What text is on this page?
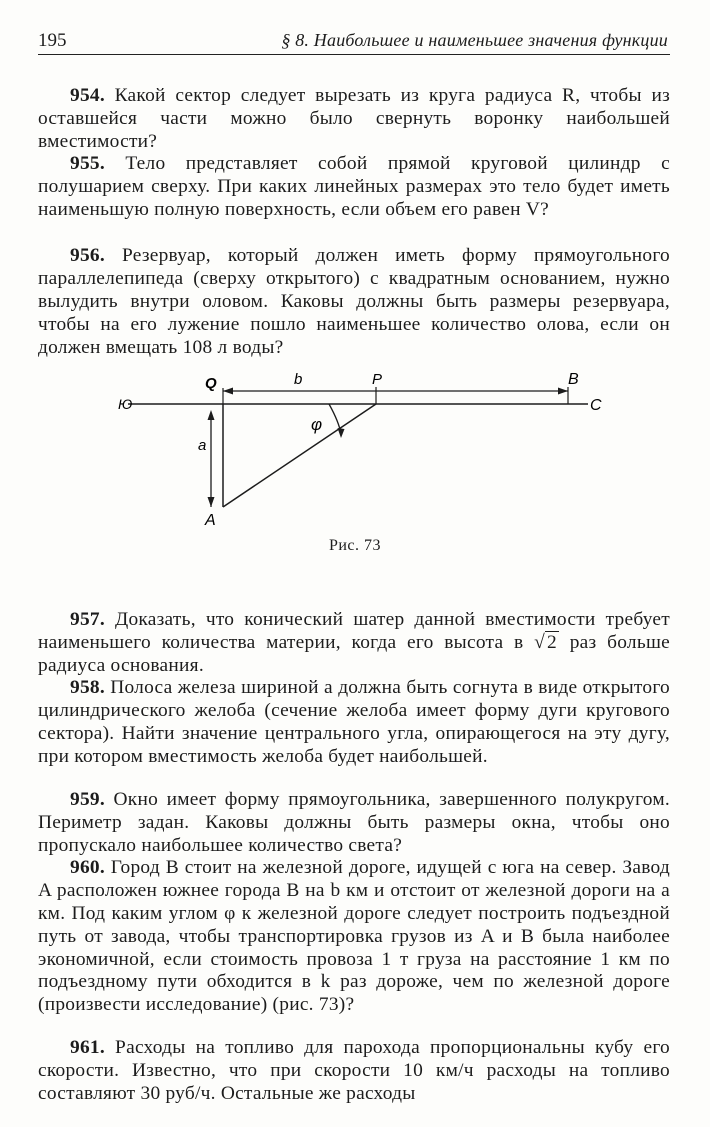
195	§ 8. Наибольшее и наименьшее значения функции

954. Какой сектор следует вырезать из круга радиуса R, чтобы из оставшейся части можно было свернуть воронку наибольшей вместимости?

955. Тело представляет собой прямой круговой цилиндр с полушарием сверху. При каких линейных размерах это тело будет иметь наименьшую полную поверхность, если объем его равен V?

956. Резервуар, который должен иметь форму прямоугольного параллелепипеда (сверху открытого) с квадратным основанием, нужно вылудить внутри оловом. Каковы должны быть размеры резервуара, чтобы на его лужение пошло наименьшее количество олова, если он должен вмещать 108 л воды?

Ю	С
Q	P	B
b
a
A
φ
Рис. 73

957. Доказать, что конический шатер данной вместимости требует наименьшего количества материи, когда его высота в √ 2 раз больше радиуса основания.

958. Полоса железа шириной a должна быть согнута в виде открытого цилиндрического желоба (сечение желоба имеет форму дуги кругового сектора). Найти значение центрального угла, опирающегося на эту дугу, при котором вместимость желоба будет наибольшей.

959. Окно имеет форму прямоугольника, завершенного полукругом. Периметр задан. Каковы должны быть размеры окна, чтобы оно пропускало наибольшее количество света?

960. Город B стоит на железной дороге, идущей с юга на север. Завод A расположен южнее города B на b км и отстоит от железной дороги на a км. Под каким углом φ к железной дороге следует построить подъездной путь от завода, чтобы транспортировка грузов из A и B была наиболее экономичной, если стоимость провоза 1 т груза на расстояние 1 км по подъездному пути обходится в k раз дороже, чем по железной дороге (произвести исследование) (рис. 73)?

961. Расходы на топливо для парохода пропорциональны кубу его скорости. Известно, что при скорости 10 км/ч расходы на топливо составляют 30 руб/ч. Остальные же расходы
